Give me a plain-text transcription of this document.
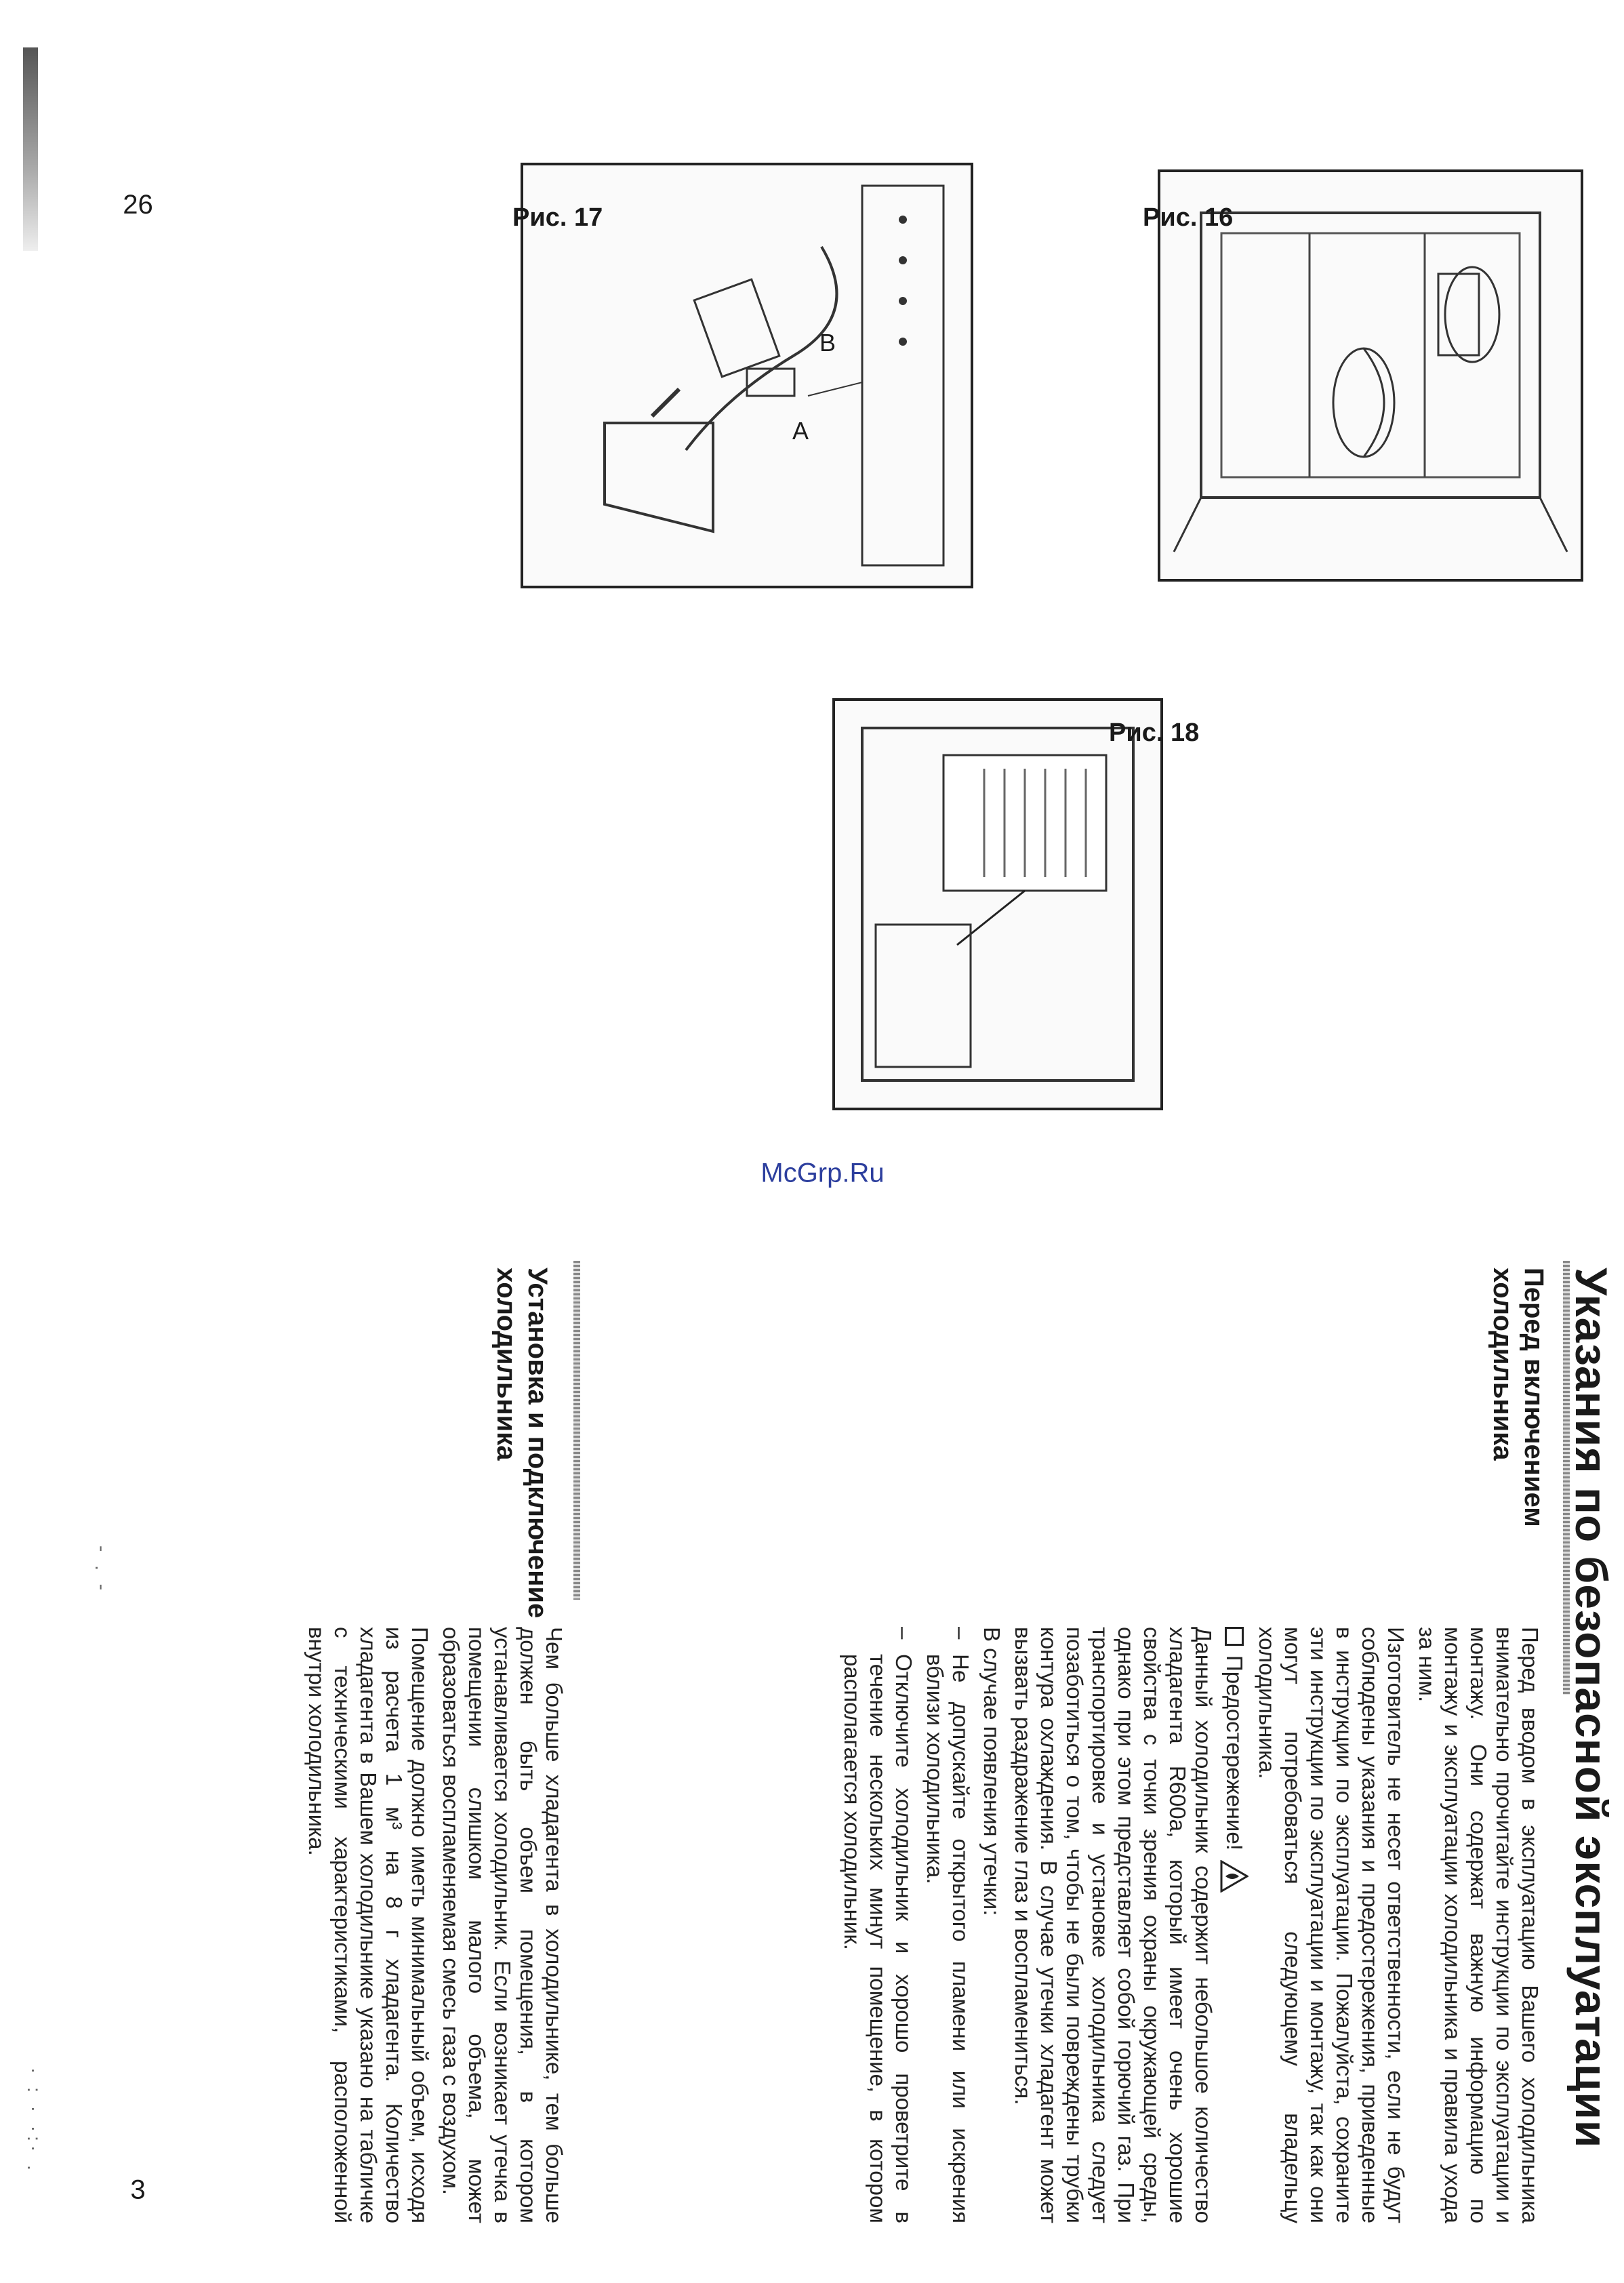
· : · ·:· .
- . -
26	Рис. 16
Рис. 18
A
B
Рис. 17
McGrp.Ru
Указания по безопасной эксплуатации
Перед включением холодильника
Установка и подключение холодильника

Перед вводом в эксплуатацию Вашего холодильника внимательно прочитайте инструкции по эксплуатации и монтажу. Они содержат важную информацию по монтажу и эксплуатации холодильника и правила ухода за ним.

Изготовитель не несет ответственности, если не будут соблюдены указания и предостережения, приведенные в инструкции по эксплуатации. Пожалуйста, сохраните эти инструкции по эксплуатации и монтажу, так как они могут потребоваться следующему владельцу холодильника.

Предостережение!

Данный холодильник содержит небольшое количество хладагента R600a, который имеет очень хорошие свойства с точки зрения охраны окружающей среды, однако при этом представляет собой горючий газ. При транспортировке и установке холодильника следует позаботиться о том, чтобы не были повреждены трубки контура охлаждения. В случае утечки хладагент может вызвать раздражение глаз и воспламениться.

В случае появления утечки:

–

Не допускайте открытого пламени или искрения вблизи холодильника.

–

Отключите холодильник и хорошо проветрите в течение нескольких минут помещение, в котором располагается холодильник.

Чем больше хладагента в холодильнике, тем больше должен быть объем помещения, в котором устанавливается холодильник. Если возникает утечка в помещении слишком малого объема, может образоваться воспламеняемая смесь газа с воздухом.

Помещение должно иметь минимальный объем, исходя из расчета 1 м³ на 8 г хладагента. Количество хладагента в Вашем холодильнике указано на табличке с техническими характеристиками, расположенной внутри холодильника.

3
